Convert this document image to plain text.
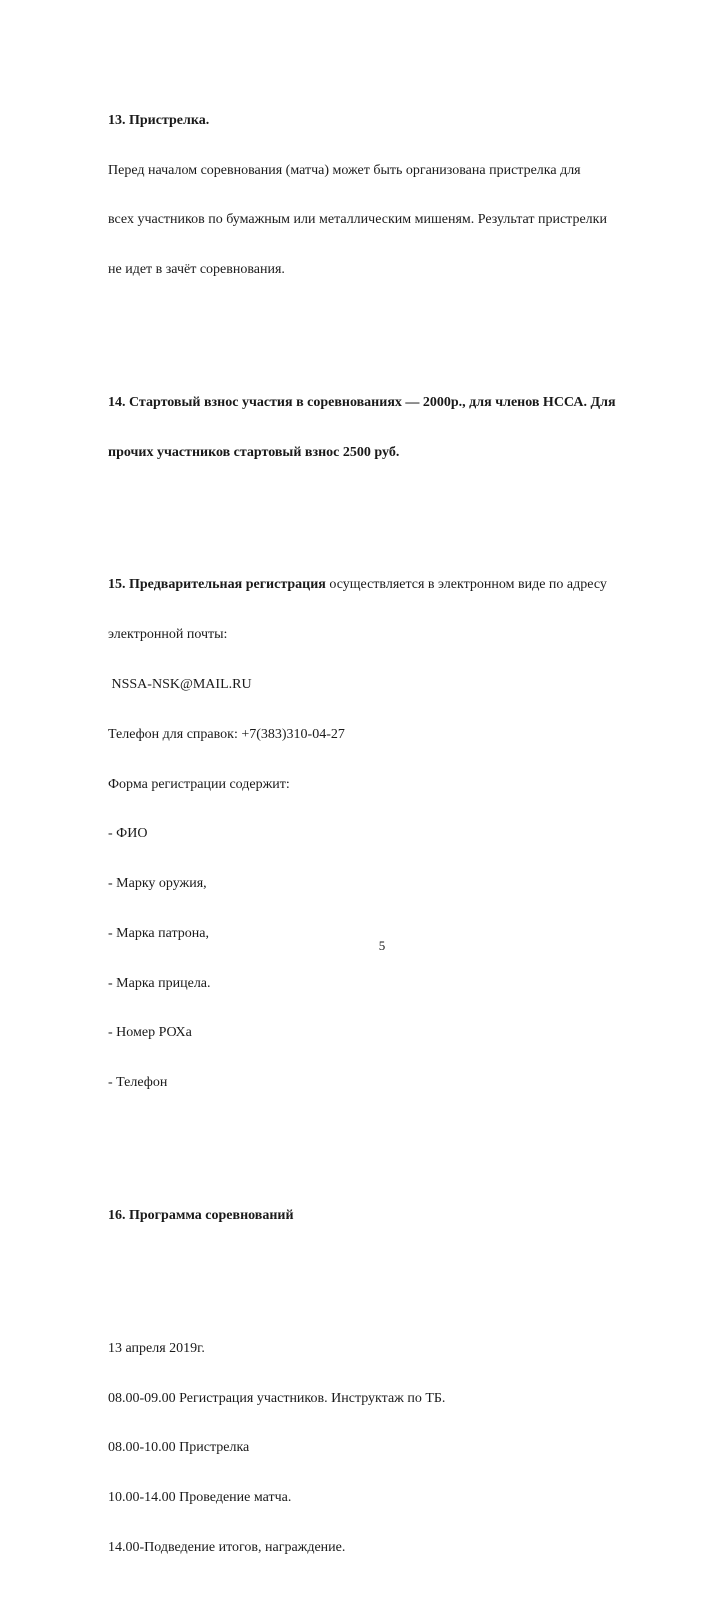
13. Пристрелка.

Перед началом соревнования (матча) может быть организована пристрелка для

всех участников по бумажным или металлическим мишеням. Результат пристрелки

не идет в зачёт соревнования.

14. Стартовый взнос участия в соревнованиях — 2000р., для членов НССА. Для

прочих участников стартовый взнос 2500 руб.

15. Предварительная регистрация осуществляется в электронном виде по адресу

электронной почты:

NSSA-NSK@MAIL.RU

Телефон для справок: +7(383)310-04-27

Форма регистрации содержит:

- ФИО

- Марку оружия,

- Марка патрона,

- Марка прицела.

- Номер РОХа

- Телефон

16. Программа соревнований

13 апреля 2019г.

08.00-09.00 Регистрация участников. Инструктаж по ТБ.

08.00-10.00 Пристрелка

10.00-14.00 Проведение матча.

14.00-Подведение итогов, награждение.

5
